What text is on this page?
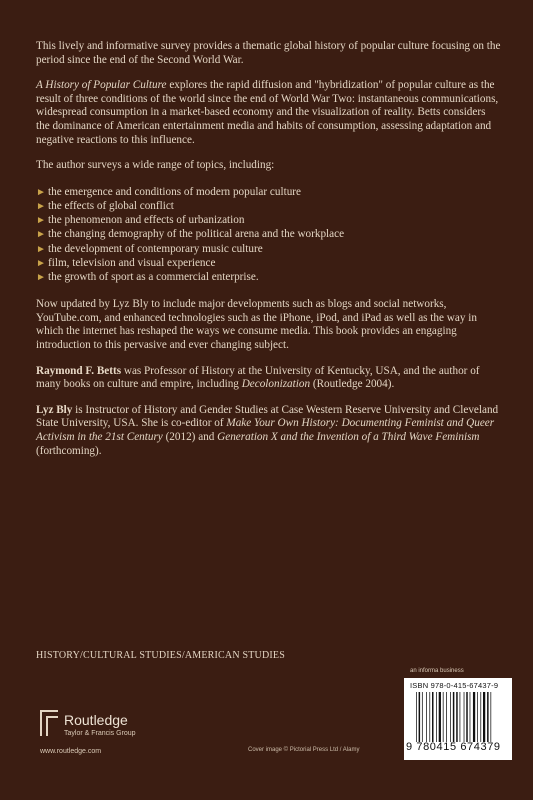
This lively and informative survey provides a thematic global history of popular culture focusing on the period since the end of the Second World War.

A History of Popular Culture explores the rapid diffusion and "hybridization" of popular culture as the result of three conditions of the world since the end of World War Two: instantaneous communications, widespread consumption in a market-based economy and the visualization of reality. Betts considers the dominance of American entertainment media and habits of consumption, assessing adaptation and negative reactions to this influence.

The author surveys a wide range of topics, including:

► the emergence and conditions of modern popular culture
► the effects of global conflict
► the phenomenon and effects of urbanization
► the changing demography of the political arena and the workplace
► the development of contemporary music culture
► film, television and visual experience
► the growth of sport as a commercial enterprise.

Now updated by Lyz Bly to include major developments such as blogs and social networks, YouTube.com, and enhanced technologies such as the iPhone, iPod, and iPad as well as the way in which the internet has reshaped the ways we consume media. This book provides an engaging introduction to this pervasive and ever changing subject.

Raymond F. Betts was Professor of History at the University of Kentucky, USA, and the author of many books on culture and empire, including Decolonization (Routledge 2004).

Lyz Bly is Instructor of History and Gender Studies at Case Western Reserve University and Cleveland State University, USA. She is co-editor of Make Your Own History: Documenting Feminist and Queer Activism in the 21st Century (2012) and Generation X and the Invention of a Third Wave Feminism (forthcoming).

HISTORY/CULTURAL STUDIES/AMERICAN STUDIES
an informa business
ISBN 978-0-415-67437-9
9 780415 674379
Routledge
Taylor & Francis Group
www.routledge.com	Cover image © Pictorial Press Ltd / Alamy
